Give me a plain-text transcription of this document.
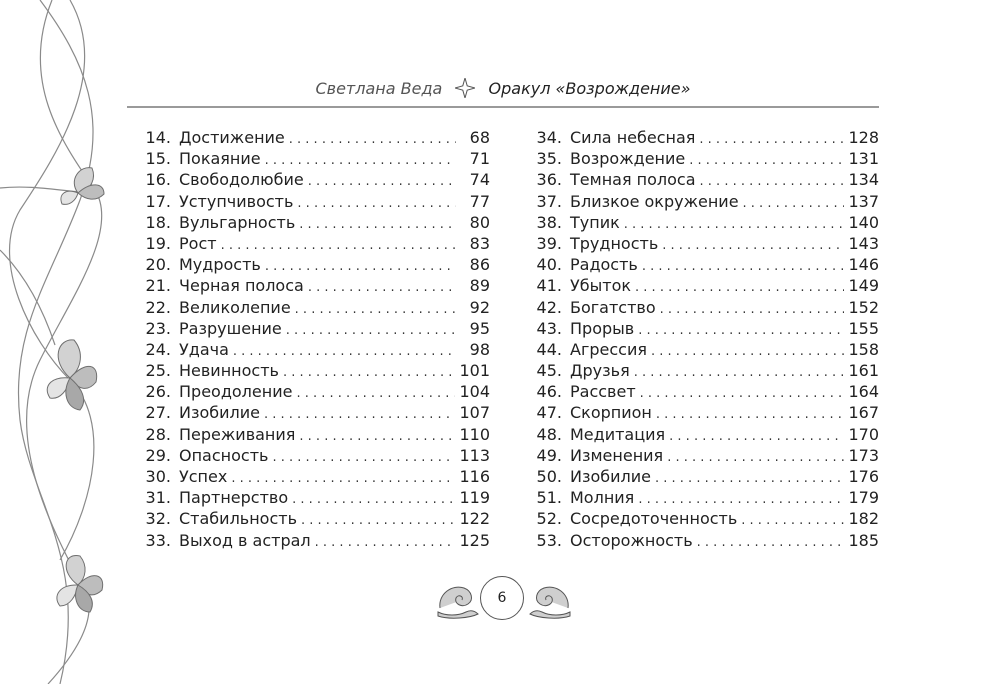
Светлана Веда	Оракул «Возрождение»
14. Достижение . . .	68
15. Покаяние . . .	71
16. Свободолюбие . . .	74
17. Уступчивость . . .	77
18. Вульгарность . . .	80
19. Рост . . .	83
20. Мудрость . . .	86
21. Черная полоса . . .	89
22. Великолепие . . .	92
23. Разрушение . . .	95
24. Удача . . .	98
25. Невинность . . .	101
26. Преодоление . . .	104
27. Изобилие . . .	107
28. Переживания . . .	110
29. Опасность . . .	113
30. Успех . . .	116
31. Партнерство . . .	119
32. Стабильность . . .	122
33. Выход в астрал . . .	125
34. Сила небесная . . .	128
35. Возрождение . . .	131
36. Темная полоса . . .	134
37. Близкое окружение . . .	137
38. Тупик . . .	140
39. Трудность . . .	143
40. Радость . . .	146
41. Убыток . . .	149
42. Богатство . . .	152
43. Прорыв . . .	155
44. Агрессия . . .	158
45. Друзья . . .	161
46. Рассвет . . .	164
47. Скорпион . . .	167
48. Медитация . . .	170
49. Изменения . . .	173
50. Изобилие . . .	176
51. Молния . . .	179
52. Сосредоточенность . . .	182
53. Осторожность . . .	185
6
